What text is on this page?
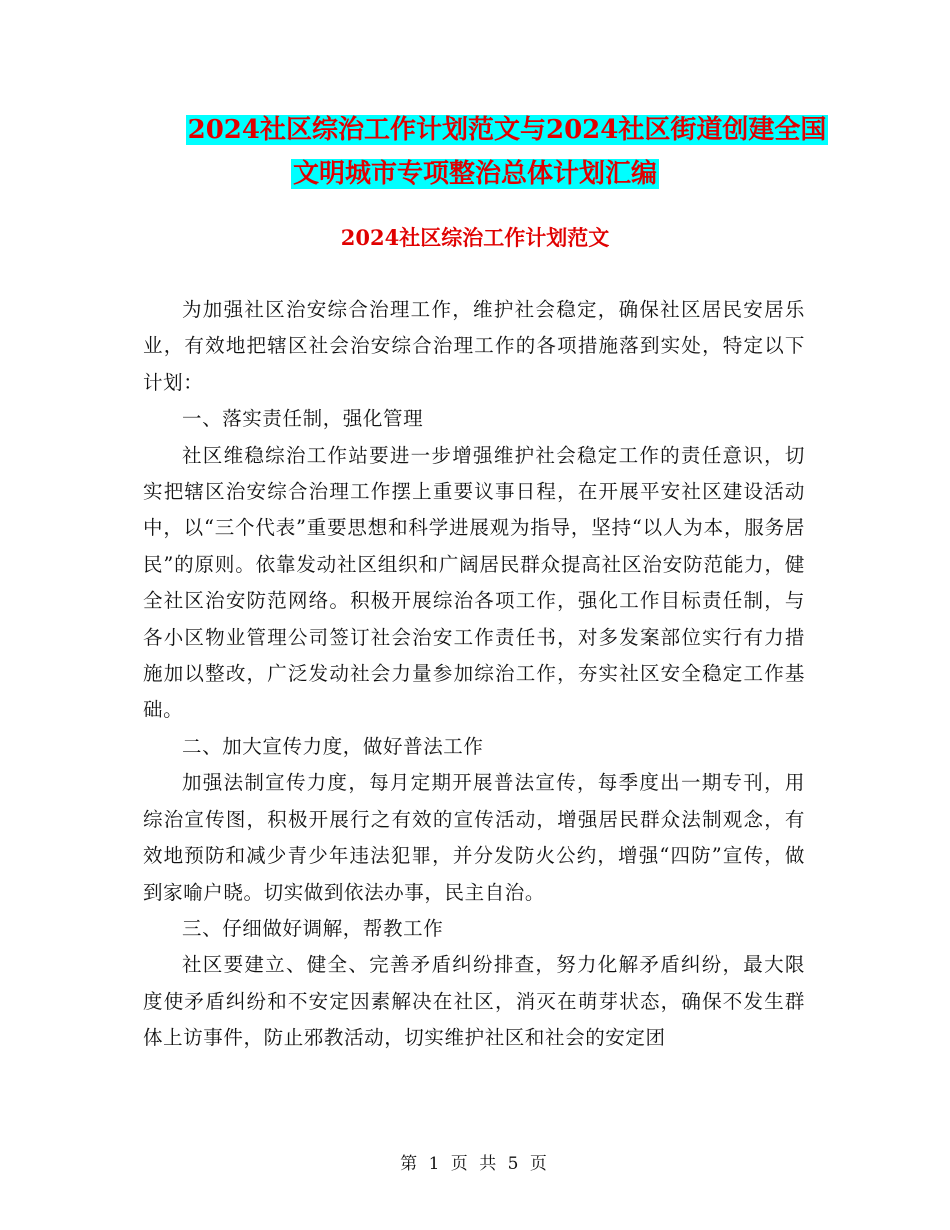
2024社区综治工作计划范文与2024社区街道创建全国
文明城市专项整治总体计划汇编
2024社区综治工作计划范文

为加强社区治安综合治理工作，维护社会稳定，确保社区居民安居乐业，有效地把辖区社会治安综合治理工作的各项措施落到实处，特定以下计划：

一、落实责任制，强化管理

社区维稳综治工作站要进一步增强维护社会稳定工作的责任意识，切实把辖区治安综合治理工作摆上重要议事日程，在开展平安社区建设活动中，以“三个代表”重要思想和科学进展观为指导，坚持“以人为本，服务居民”的原则。依靠发动社区组织和广阔居民群众提高社区治安防范能力，健全社区治安防范网络。积极开展综治各项工作，强化工作目标责任制，与各小区物业管理公司签订社会治安工作责任书，对多发案部位实行有力措施加以整改，广泛发动社会力量参加综治工作，夯实社区安全稳定工作基础。

二、加大宣传力度，做好普法工作

加强法制宣传力度，每月定期开展普法宣传，每季度出一期专刊，用综治宣传图，积极开展行之有效的宣传活动，增强居民群众法制观念，有效地预防和减少青少年违法犯罪，并分发防火公约，增强“四防”宣传，做到家喻户晓。切实做到依法办事，民主自治。

三、仔细做好调解，帮教工作

社区要建立、健全、完善矛盾纠纷排查，努力化解矛盾纠纷，最大限度使矛盾纠纷和不安定因素解决在社区，消灭在萌芽状态，确保不发生群体上访事件，防止邪教活动，切实维护社区和社会的安定团

第 1 页 共 5 页
